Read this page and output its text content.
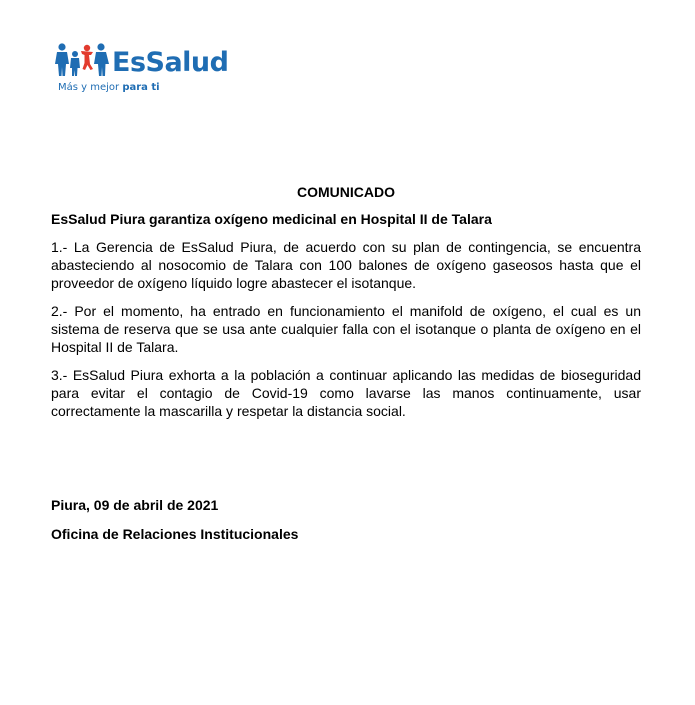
EsSalud
Más y mejor para ti

COMUNICADO

EsSalud Piura garantiza oxígeno medicinal en Hospital II de Talara

1.- La Gerencia de EsSalud Piura, de acuerdo con su plan de contingencia, se encuentra abasteciendo al nosocomio de Talara con 100 balones de oxígeno gaseosos hasta que el proveedor de oxígeno líquido logre abastecer el isotanque.

2.- Por el momento, ha entrado en funcionamiento el manifold de oxígeno, el cual es un sistema de reserva que se usa ante cualquier falla con el isotanque o planta de oxígeno en el Hospital II de Talara.

3.- EsSalud Piura exhorta a la población a continuar aplicando las medidas de bioseguridad para evitar el contagio de Covid-19 como lavarse las manos continuamente, usar correctamente la mascarilla y respetar la distancia social.

Piura, 09 de abril de 2021

Oficina de Relaciones Institucionales
